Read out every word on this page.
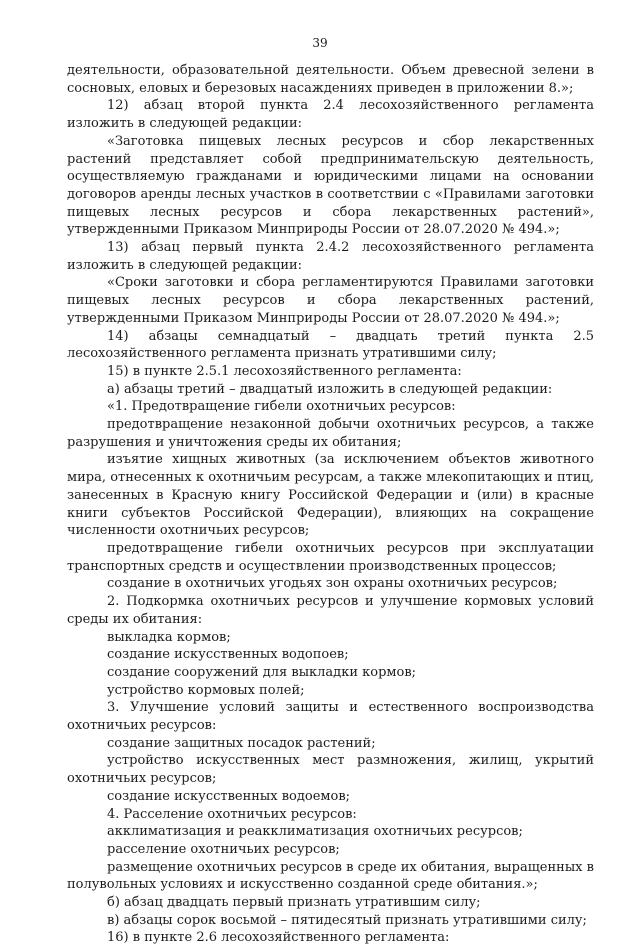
39

деятельности, образовательной деятельности. Объем древесной зелени в сосновых, еловых и березовых насаждениях приведен в приложении 8.»;

12) абзац второй пункта 2.4 лесохозяйственного регламента изложить в следующей редакции:

«Заготовка пищевых лесных ресурсов и сбор лекарственных растений представляет собой предпринимательскую деятельность, осуществляемую гражданами и юридическими лицами на основании договоров аренды лесных участков в соответствии с «Правилами заготовки пищевых лесных ресурсов и сбора лекарственных растений», утвержденными Приказом Минприроды России от 28.07.2020 № 494.»;

13) абзац первый пункта 2.4.2 лесохозяйственного регламента изложить в следующей редакции:

«Сроки заготовки и сбора регламентируются Правилами заготовки пищевых лесных ресурсов и сбора лекарственных растений, утвержденными Приказом Минприроды России от 28.07.2020 № 494.»;

14) абзацы семнадцатый – двадцать третий пункта 2.5 лесохозяйственного регламента признать утратившими силу;

15) в пункте 2.5.1 лесохозяйственного регламента:

а) абзацы третий – двадцатый изложить в следующей редакции:

«1. Предотвращение гибели охотничьих ресурсов:

предотвращение незаконной добычи охотничьих ресурсов, а также разрушения и уничтожения среды их обитания;

изъятие хищных животных (за исключением объектов животного мира, отнесенных к охотничьим ресурсам, а также млекопитающих и птиц, занесенных в Красную книгу Российской Федерации и (или) в красные книги субъектов Российской Федерации), влияющих на сокращение численности охотничьих ресурсов;

предотвращение гибели охотничьих ресурсов при эксплуатации транспортных средств и осуществлении производственных процессов;

создание в охотничьих угодьях зон охраны охотничьих ресурсов;

2. Подкормка охотничьих ресурсов и улучшение кормовых условий среды их обитания:

выкладка кормов;

создание искусственных водопоев;

создание сооружений для выкладки кормов;

устройство кормовых полей;

3. Улучшение условий защиты и естественного воспроизводства охотничьих ресурсов:

создание защитных посадок растений;

устройство искусственных мест размножения, жилищ, укрытий охотничьих ресурсов;

создание искусственных водоемов;

4. Расселение охотничьих ресурсов:

акклиматизация и реакклиматизация охотничьих ресурсов;

расселение охотничьих ресурсов;

размещение охотничьих ресурсов в среде их обитания, выращенных в полувольных условиях и искусственно созданной среде обитания.»;

б) абзац двадцать первый признать утратившим силу;

в) абзацы сорок восьмой – пятидесятый признать утратившими силу;

16) в пункте 2.6 лесохозяйственного регламента:
